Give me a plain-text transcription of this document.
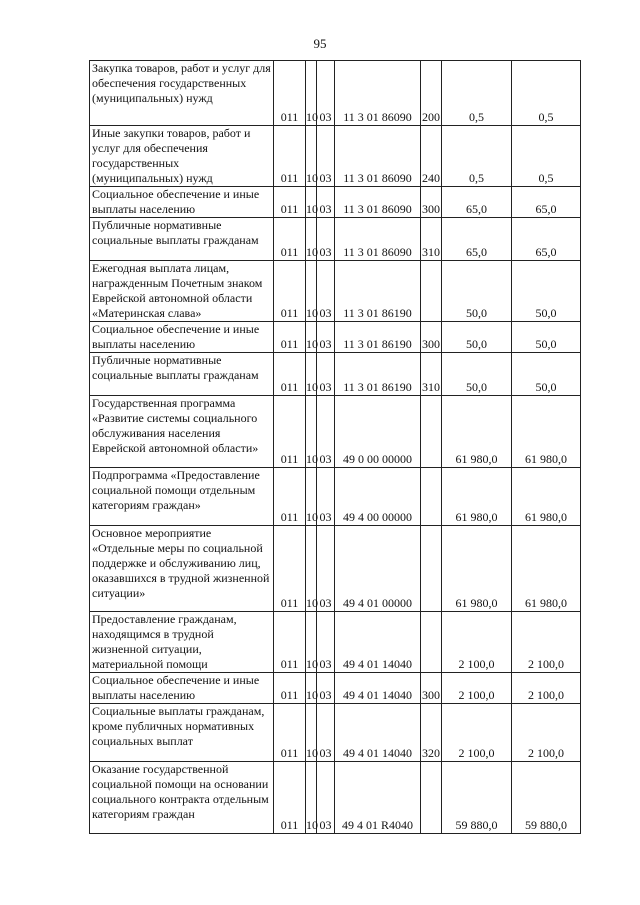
95
Закупка товаров, работ и услуг для обеспечения государственных (муниципальных) нужд	011	10	03	11 3 01 86090	200	0,5	0,5

Иные закупки товаров, работ и услуг для обеспечения государственных (муниципальных) нужд	011	10	03	11 3 01 86090	240	0,5	0,5

Социальное обеспечение и иные выплаты населению	011	10	03	11 3 01 86090	300	65,0	65,0

Публичные нормативные социальные выплаты гражданам	011	10	03	11 3 01 86090	310	65,0	65,0

Ежегодная выплата лицам, награжденным Почетным знаком Еврейской автономной области «Материнская слава»	011	10	03	11 3 01 86190		50,0	50,0

Социальное обеспечение и иные выплаты населению	011	10	03	11 3 01 86190	300	50,0	50,0

Публичные нормативные социальные выплаты гражданам	011	10	03	11 3 01 86190	310	50,0	50,0

Государственная программа «Развитие системы социального обслуживания населения Еврейской автономной области»	011	10	03	49 0 00 00000		61 980,0	61 980,0

Подпрограмма «Предоставление социальной помощи отдельным категориям граждан»	011	10	03	49 4 00 00000		61 980,0	61 980,0

Основное мероприятие «Отдельные меры по социальной поддержке и обслуживанию лиц, оказавшихся в трудной жизненной ситуации»	011	10	03	49 4 01 00000		61 980,0	61 980,0

Предоставление гражданам, находящимся в трудной жизненной ситуации, материальной помощи	011	10	03	49 4 01 14040		2 100,0	2 100,0

Социальное обеспечение и иные выплаты населению	011	10	03	49 4 01 14040	300	2 100,0	2 100,0

Социальные выплаты гражданам, кроме публичных нормативных социальных выплат	011	10	03	49 4 01 14040	320	2 100,0	2 100,0

Оказание государственной социальной помощи на основании социального контракта отдельным категориям граждан	011	10	03	49 4 01 R4040		59 880,0	59 880,0
